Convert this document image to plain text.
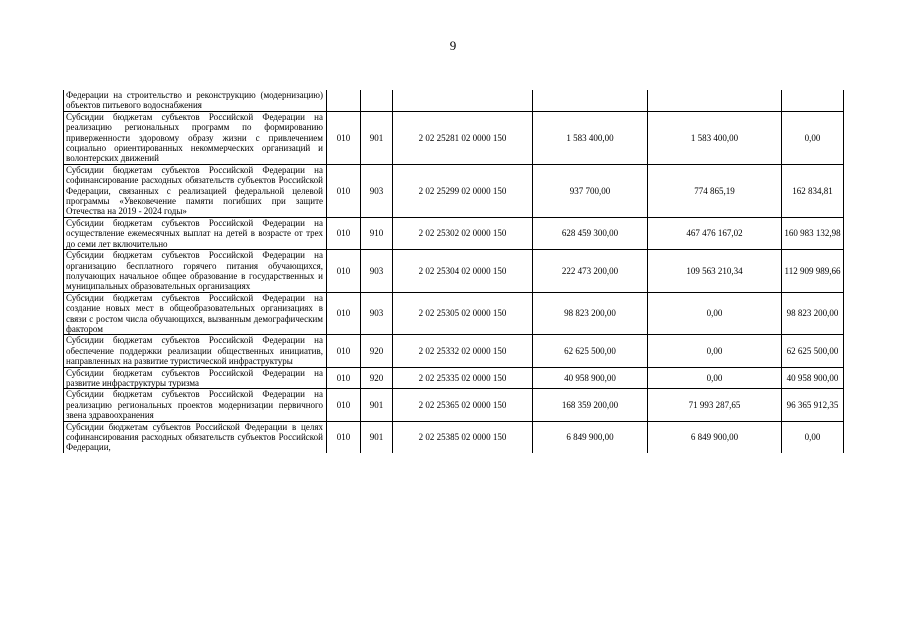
9
Федерации на строительство и реконструкцию (модернизацию) объектов питьевого водоснабжения						
Субсидии бюджетам субъектов Российской Федерации на реализацию региональных программ по формированию приверженности здоровому образу жизни с привлечением социально ориентированных некоммерческих организаций и волонтерских движений	010	901	2 02 25281 02 0000 150	1 583 400,00	1 583 400,00	0,00
Субсидии бюджетам субъектов Российской Федерации на софинансирование расходных обязательств субъектов Российской Федерации, связанных с реализацией федеральной целевой программы «Увековечение памяти погибших при защите Отечества на 2019 - 2024 годы»	010	903	2 02 25299 02 0000 150	937 700,00	774 865,19	162 834,81
Субсидии бюджетам субъектов Российской Федерации на осуществление ежемесячных выплат на детей в возрасте от трех до семи лет включительно	010	910	2 02 25302 02 0000 150	628 459 300,00	467 476 167,02	160 983 132,98
Субсидии бюджетам субъектов Российской Федерации на организацию бесплатного горячего питания обучающихся, получающих начальное общее образование в государственных и муниципальных образовательных организациях	010	903	2 02 25304 02 0000 150	222 473 200,00	109 563 210,34	112 909 989,66
Субсидии бюджетам субъектов Российской Федерации на создание новых мест в общеобразовательных организациях в связи с ростом числа обучающихся, вызванным демографическим фактором	010	903	2 02 25305 02 0000 150	98 823 200,00	0,00	98 823 200,00
Субсидии бюджетам субъектов Российской Федерации на обеспечение поддержки реализации общественных инициатив, направленных на развитие туристической инфраструктуры	010	920	2 02 25332 02 0000 150	62 625 500,00	0,00	62 625 500,00
Субсидии бюджетам субъектов Российской Федерации на развитие инфраструктуры туризма	010	920	2 02 25335 02 0000 150	40 958 900,00	0,00	40 958 900,00
Субсидии бюджетам субъектов Российской Федерации на реализацию региональных проектов модернизации первичного звена здравоохранения	010	901	2 02 25365 02 0000 150	168 359 200,00	71 993 287,65	96 365 912,35
Субсидии бюджетам субъектов Российской Федерации в целях софинансирования расходных обязательств субъектов Российской Федерации,	010	901	2 02 25385 02 0000 150	6 849 900,00	6 849 900,00	0,00
